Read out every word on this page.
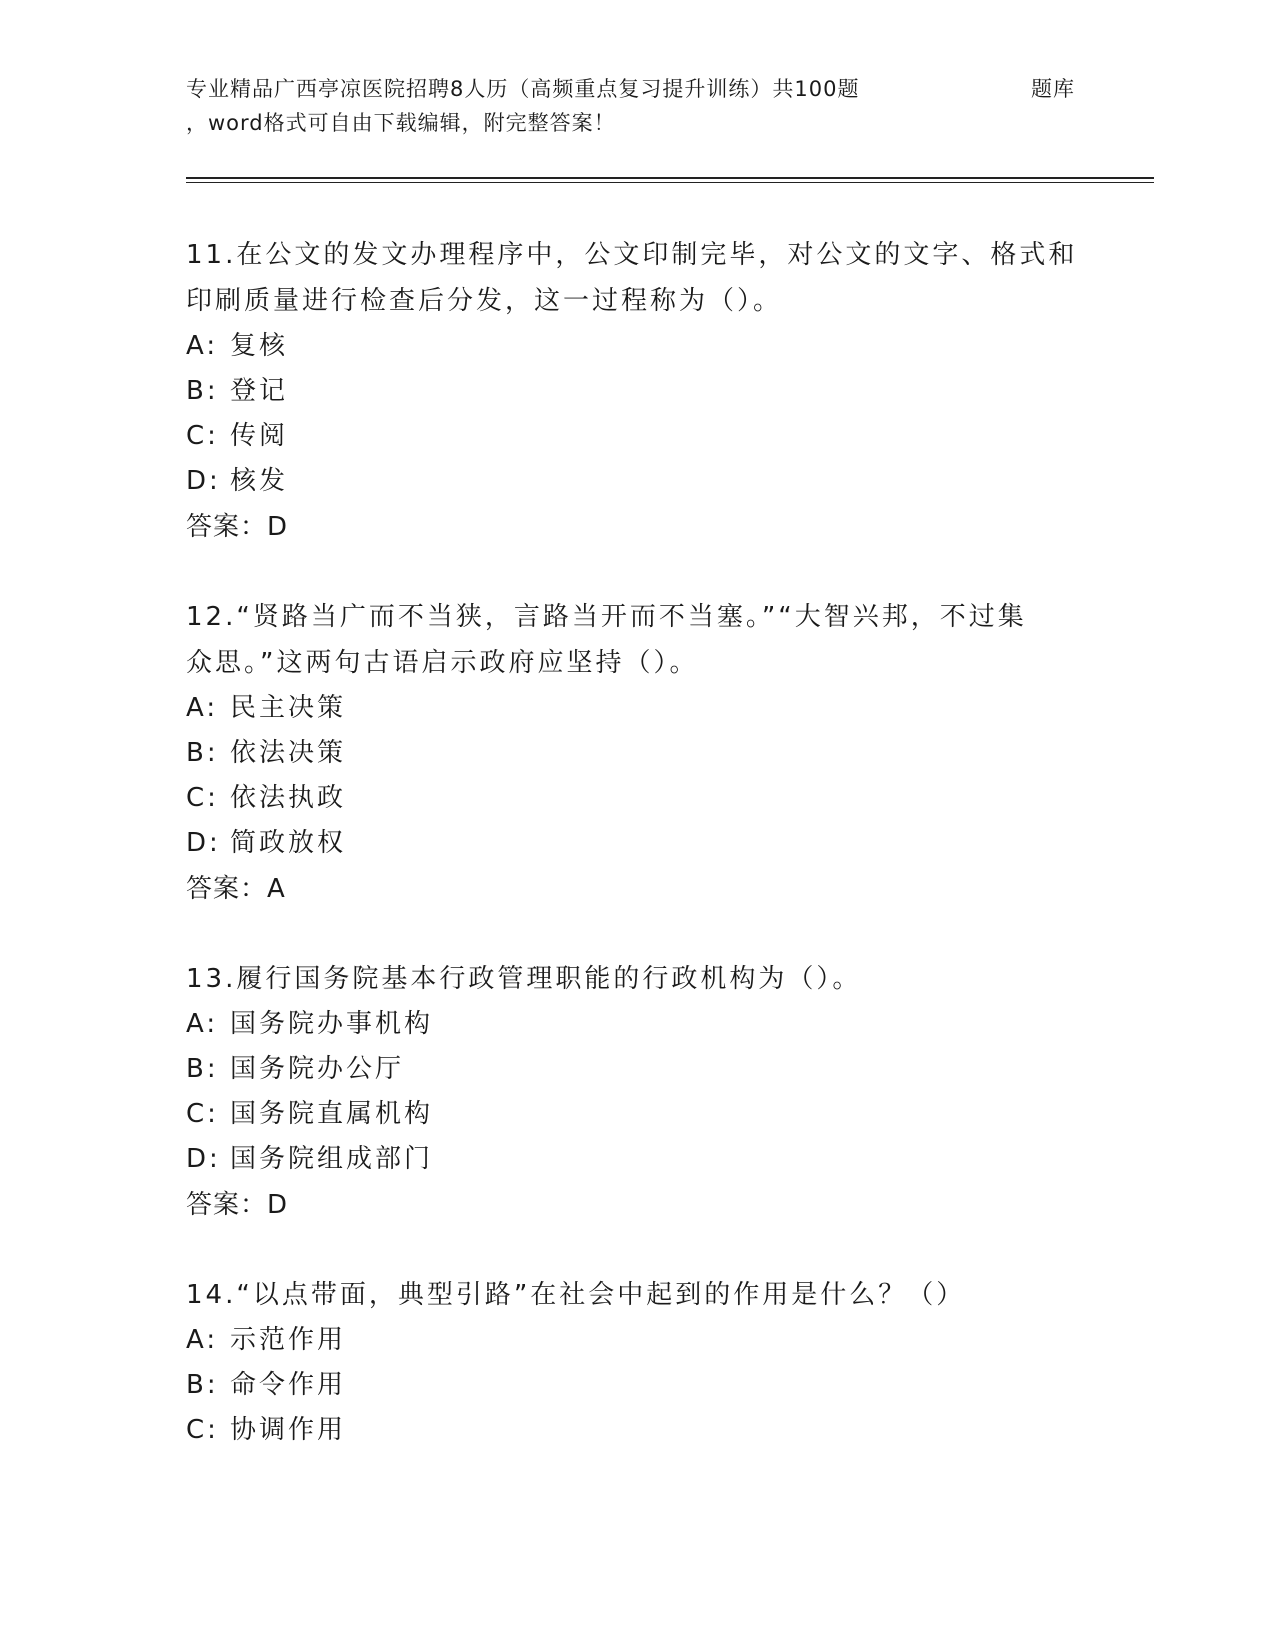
专业精品广西亭凉医院招聘8人历（高频重点复习提升训练）共100题	题库
，word格式可自由下载编辑，附完整答案！
11.在公文的发文办理程序中，公文印制完毕，对公文的文字、格式和
印刷质量进行检查后分发，这一过程称为（）。
A: 复核
B: 登记
C: 传阅
D: 核发
答案：D
12.“贤路当广而不当狭，言路当开而不当塞。”“大智兴邦，不过集
众思。”这两句古语启示政府应坚持（）。
A: 民主决策
B: 依法决策
C: 依法执政
D: 简政放权
答案：A
13.履行国务院基本行政管理职能的行政机构为（）。
A: 国务院办事机构
B: 国务院办公厅
C: 国务院直属机构
D: 国务院组成部门
答案：D
14.“以点带面，典型引路”在社会中起到的作用是什么？（）
A: 示范作用
B: 命令作用
C: 协调作用
